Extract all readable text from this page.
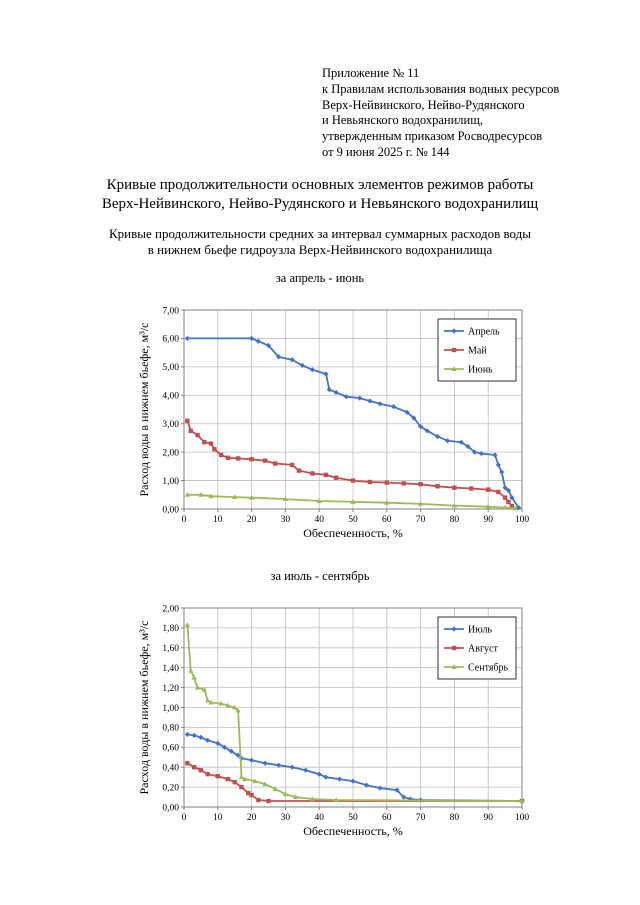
Приложение № 11
к Правилам использования водных ресурсов
Верх-Нейвинского, Нейво-Рудянского
и Невьянского водохранилищ,
утвержденным приказом Росводресурсов
от 9 июня 2025 г. № 144
Кривые продолжительности основных элементов режимов работы
Верх-Нейвинского, Нейво-Рудянского и Невьянского водохранилищ
Кривые продолжительности средних за интервал суммарных расходов воды
в нижнем бьефе гидроузла Верх-Нейвинского водохранилища
за апрель - июнь
0	10	20	30	40	50	60	70	80	90 100
0,00
1,00
2,00
3,00
4,00
5,00
6,00
7,00
Обеспеченность, %
Расход воды в нижнем бьефе, м³/с	Апрель
Май
Июнь
за июль - сентябрь
0	10	20	30	40	50	60	70	80	90 100
0,00
0,20
0,40
0,60
0,80
1,00
1,20
1,40
1,60
1,80
2,00
Обеспеченность, %
Расход воды в нижнем бьефе, м³/с	Июль
Август
Сентябрь
